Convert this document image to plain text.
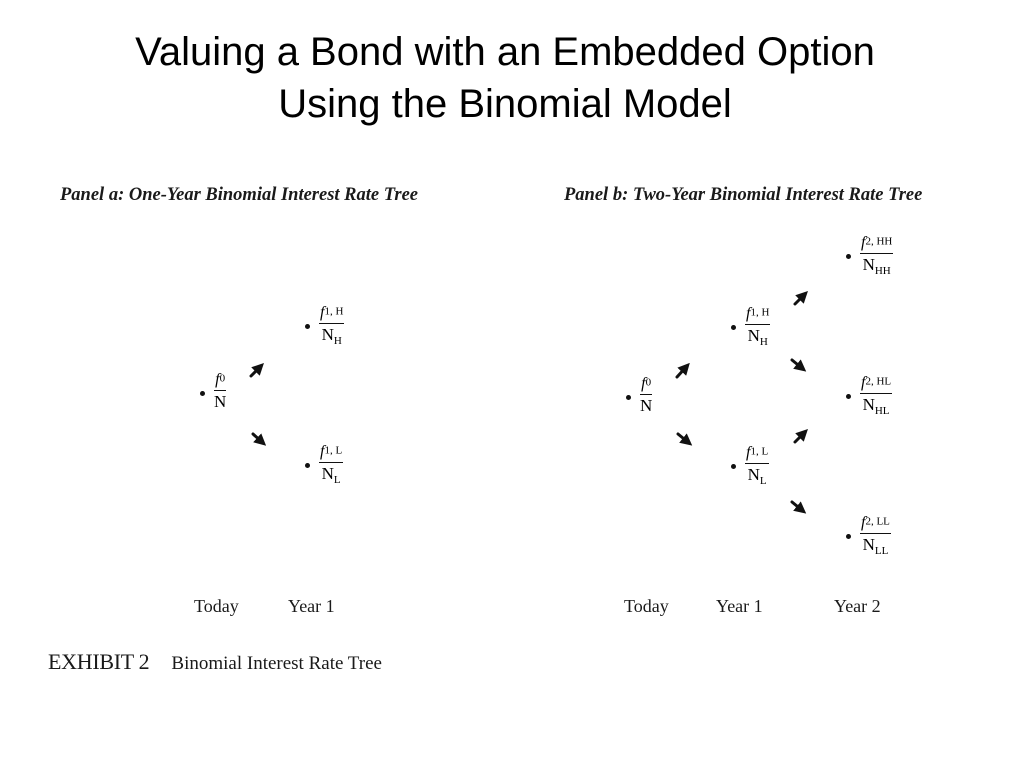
Valuing a Bond with an Embedded Option
Using the Binomial Model
Panel a: One-Year Binomial Interest Rate Tree
$f_0$
N
$f_{1, H}$
$N_H$
$f_{1, L}$
$N_L$
Today	Year 1
Panel b: Two-Year Binomial Interest Rate Tree
$f_0$
N
$f_{1, H}$
$N_H$
$f_{1, L}$
$N_L$
$f_{2, HH}$
$N_{HH}$
$f_{2, HL}$
$N_{HL}$
$f_{2, LL}$
$N_{LL}$
Today	Year 1	Year 2
EXHIBIT 2 Binomial Interest Rate Tree
